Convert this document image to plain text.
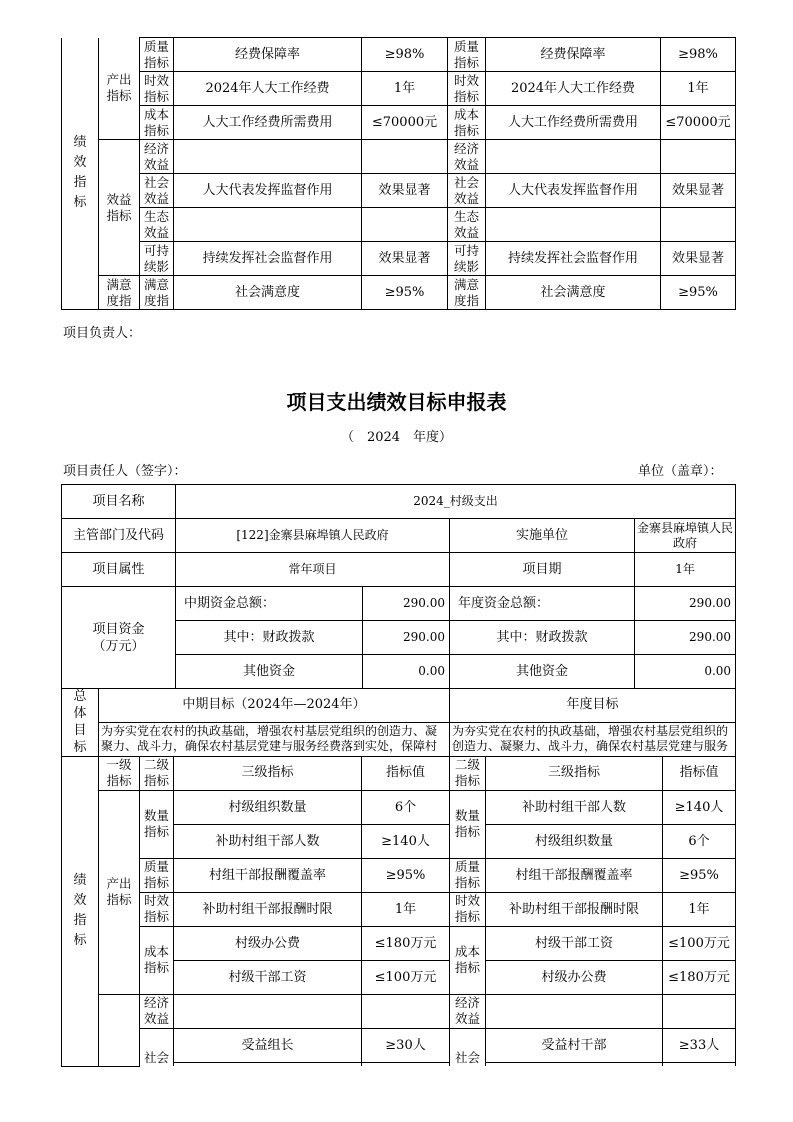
绩效指标	产出指标	质量指标	经费保障率	≥98%	质量指标	经费保障率	≥98%
		时效指标	2024年人大工作经费	1年	时效指标	2024年人大工作经费	1年
		成本指标	人大工作经费所需费用	≤70000元	成本指标	人大工作经费所需费用	≤70000元
	效益指标	经济效益			经济效益		
		社会效益	人大代表发挥监督作用	效果显著	社会效益	人大代表发挥监督作用	效果显著
		生态效益			生态效益		
		可持续影	持续发挥社会监督作用	效果显著	可持续影	持续发挥社会监督作用	效果显著
	满意度指	满意度指	社会满意度	≥95%	满意度指	社会满意度	≥95%
项目负责人：
项目支出绩效目标申报表
（　2024　年度）
项目责任人（签字）：	单位（盖章）：
项目名称	2024_村级支出			
主管部门及代码	[122]金寨县麻埠镇人民政府		实施单位	金寨县麻埠镇人民政府
项目属性	常年项目		项目期	1年
项目资金（万元）	中期资金总额：	290.00	年度资金总额：	290.00
	其中：财政拨款	290.00	其中：财政拨款	290.00
	其他资金	0.00	其他资金	0.00
总体目标	中期目标（2024年—2024年）	年度目标
	为夯实党在农村的执政基础，增强农村基层党组织的创造力、凝聚力、战斗力，确保农村基层党建与服务经费落到实处，保障村	为夯实党在农村的执政基础，增强农村基层党组织的创造力、凝聚力、战斗力，确保农村基层党建与服务
绩效指标	一级指标	二级指标	三级指标	指标值	二级指标	三级指标	指标值
	产出指标	数量指标	村级组织数量	6个	数量指标	补助村组干部人数	≥140人
			补助村组干部人数	≥140人		村级组织数量	6个
		质量指标	村组干部报酬覆盖率	≥95%	质量指标	村组干部报酬覆盖率	≥95%
		时效指标	补助村组干部报酬时限	1年	时效指标	补助村组干部报酬时限	1年
		成本指标	村级办公费	≤180万元	成本指标	村级干部工资	≤100万元
			村级干部工资	≤100万元		村级办公费	≤180万元
		经济效益			经济效益		
		社会	受益组长	≥30人	社会	受益村干部	≥33人
